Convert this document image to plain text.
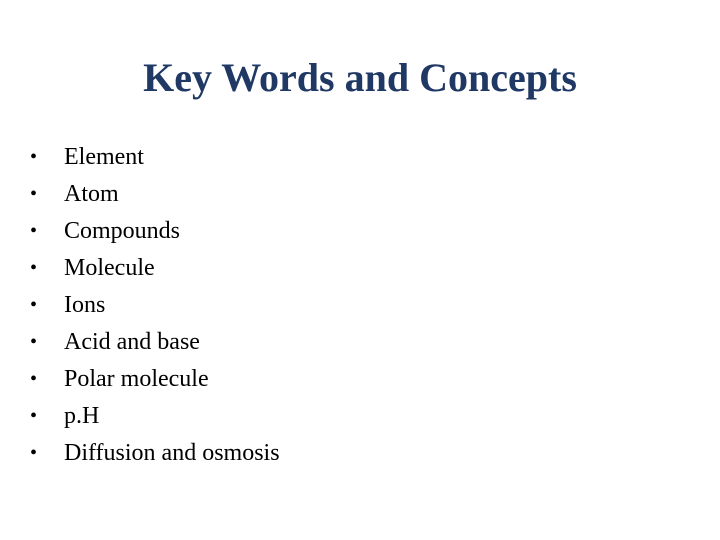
Key Words and Concepts
•	Element
•	Atom
•	Compounds
•	Molecule
•	Ions
•	Acid and base
•	Polar molecule
•	p.H
•	Diffusion and osmosis
